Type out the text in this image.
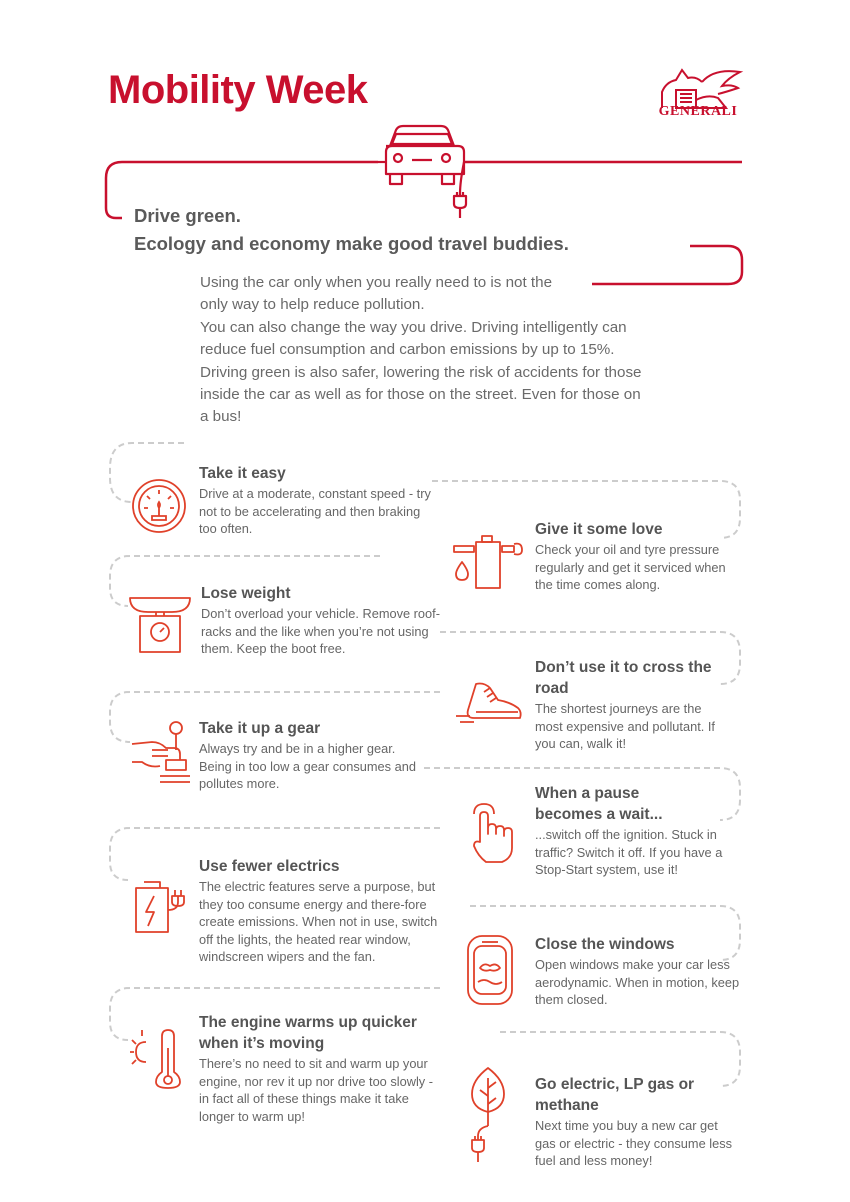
Mobility Week	GENERALI
Drive green.
Ecology and economy make good travel buddies.

Using the car only when you really need to is not the only way to help reduce pollution.

You can also change the way you drive. Driving intelligently can reduce fuel consumption and carbon emissions by up to 15%. Driving green is also safer, lowering the risk of accidents for those inside the car as well as for those on the street. Even for those on a bus!

Take it easy
Drive at a moderate, constant speed - try not to be accelerating and then braking too often.	Give it some love
Check your oil and tyre pressure regularly and get it serviced when the time comes along.
Lose weight
Don’t overload your vehicle. Remove roof-racks and the like when you’re not using them. Keep the boot free.
Don’t use it to cross the road
The shortest journeys are the most expensive and pollutant. If you can, walk it!
Take it up a gear
Always try and be in a higher gear. Being in too low a gear consumes and pollutes more.
When a pause becomes a wait...
...switch off the ignition. Stuck in traffic? Switch it off. If you have a Stop-Start system, use it!
Use fewer electrics
The electric features serve a purpose, but they too consume energy and there-fore create emissions. When not in use, switch off the lights, the heated rear window, windscreen wipers and the fan.
Close the windows
Open windows make your car less aerodynamic. When in motion, keep them closed.
The engine warms up quicker when it’s moving
There’s no need to sit and warm up your engine, nor rev it up nor drive too slowly - in fact all of these things make it take longer to warm up!
Go electric, LP gas or methane
Next time you buy a new car get gas or electric - they consume less fuel and less money!
